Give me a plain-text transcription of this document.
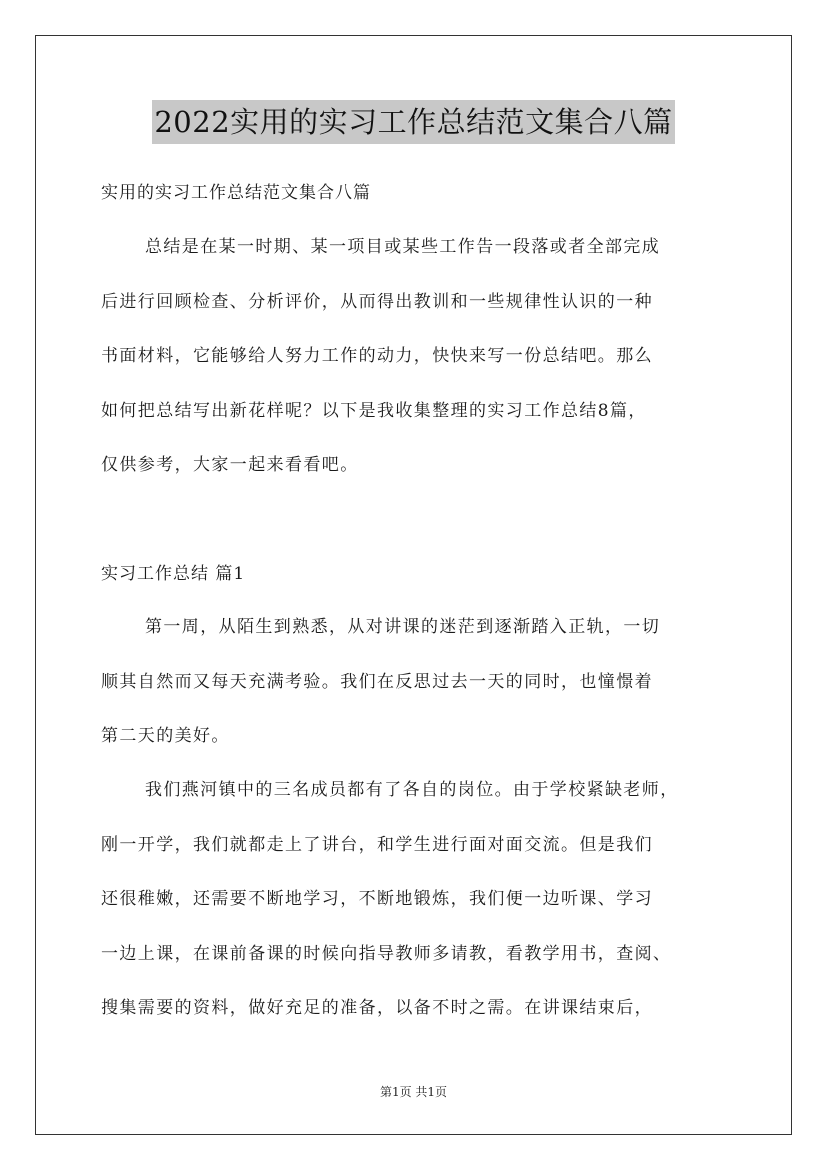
2022实用的实习工作总结范文集合八篇
实用的实习工作总结范文集合八篇
总结是在某一时期、某一项目或某些工作告一段落或者全部完成
后进行回顾检查、分析评价，从而得出教训和一些规律性认识的一种
书面材料，它能够给人努力工作的动力，快快来写一份总结吧。那么
如何把总结写出新花样呢？以下是我收集整理的实习工作总结8篇，
仅供参考，大家一起来看看吧。
实习工作总结 篇1
第一周，从陌生到熟悉，从对讲课的迷茫到逐渐踏入正轨，一切
顺其自然而又每天充满考验。我们在反思过去一天的同时，也憧憬着
第二天的美好。
我们燕河镇中的三名成员都有了各自的岗位。由于学校紧缺老师，
刚一开学，我们就都走上了讲台，和学生进行面对面交流。但是我们
还很稚嫩，还需要不断地学习，不断地锻炼，我们便一边听课、学习
一边上课，在课前备课的时候向指导教师多请教，看教学用书，查阅、
搜集需要的资料，做好充足的准备，以备不时之需。在讲课结束后，
第1页 共1页
